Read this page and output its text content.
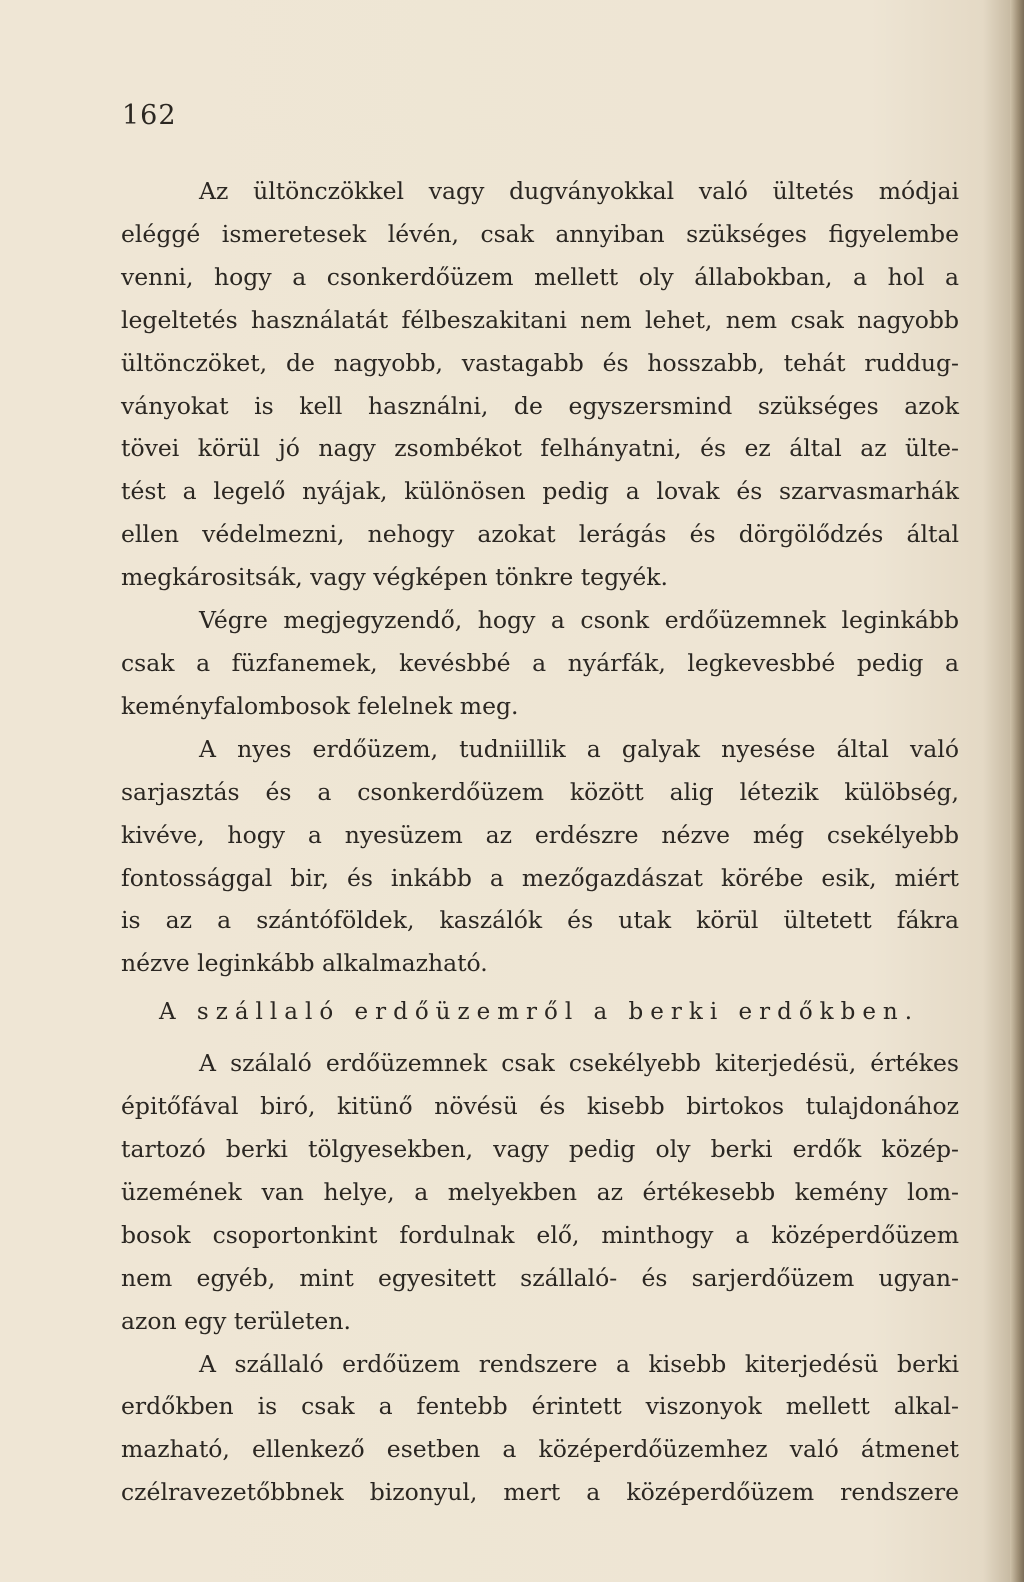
162

Az ültönczökkel vagy dugványokkal való ültetés módjai
eléggé ismeretesek lévén, csak annyiban szükséges figyelembe
venni, hogy a csonkerdőüzem mellett oly állabokban, a hol a
legeltetés használatát félbeszakitani nem lehet, nem csak nagyobb
ültönczöket, de nagyobb, vastagabb és hosszabb, tehát ruddug-
ványokat is kell használni, de egyszersmind szükséges azok
tövei körül jó nagy zsombékot felhányatni, és ez által az ülte-
tést a legelő nyájak, különösen pedig a lovak és szarvasmarhák
ellen védelmezni, nehogy azokat lerágás és dörgölődzés által
megkárositsák, vagy végképen tönkre tegyék.

Végre megjegyzendő, hogy a csonk erdőüzemnek leginkább
csak a füzfanemek, kevésbbé a nyárfák, legkevesbbé pedig a
keményfalombosok felelnek meg.

A nyes erdőüzem, tudniillik a galyak nyesése által való
sarjasztás és a csonkerdőüzem között alig létezik külöbség,
kivéve, hogy a nyesüzem az erdészre nézve még csekélyebb
fontossággal bir, és inkább a mezőgazdászat körébe esik, miért
is az a szántóföldek, kaszálók és utak körül ültetett fákra
nézve leginkább alkalmazható.

A szállaló erdőüzemről a berki erdőkben.

A szálaló erdőüzemnek csak csekélyebb kiterjedésü, értékes
épitőfával biró, kitünő növésü és kisebb birtokos tulajdonához
tartozó berki tölgyesekben, vagy pedig oly berki erdők közép-
üzemének van helye, a melyekben az értékesebb kemény lom-
bosok csoportonkint fordulnak elő, minthogy a középerdőüzem
nem egyéb, mint egyesitett szállaló- és sarjerdőüzem ugyan-
azon egy területen.

A szállaló erdőüzem rendszere a kisebb kiterjedésü berki
erdőkben is csak a fentebb érintett viszonyok mellett alkal-
mazható, ellenkező esetben a középerdőüzemhez való átmenet
czélravezetőbbnek bizonyul, mert a középerdőüzem rendszere
